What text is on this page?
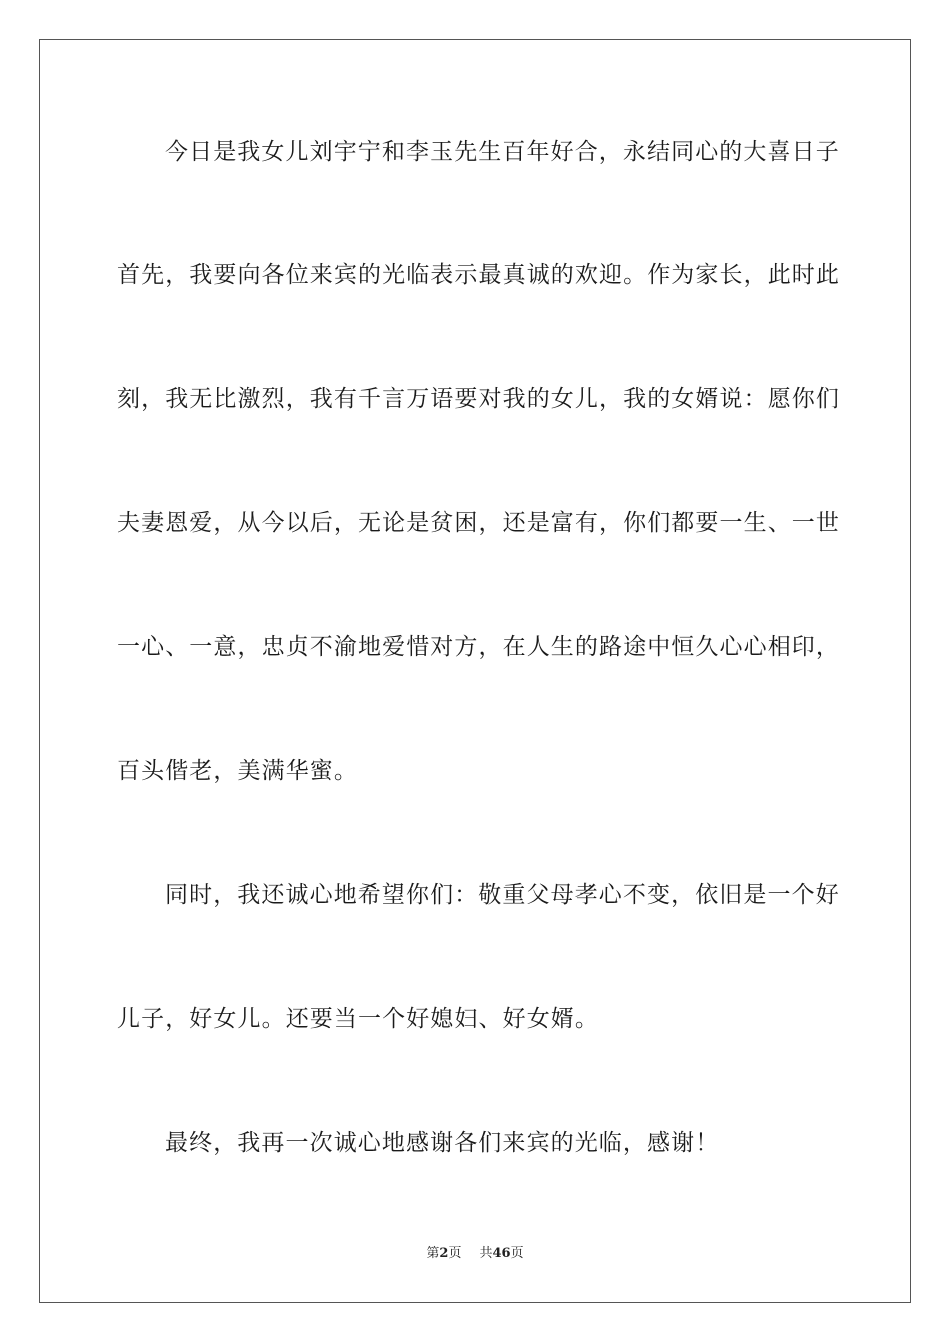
今日是我女儿刘宇宁和李玉先生百年好合，永结同心的大喜日子
首先，我要向各位来宾的光临表示最真诚的欢迎。作为家长，此时此
刻，我无比激烈，我有千言万语要对我的女儿，我的女婿说：愿你们
夫妻恩爱，从今以后，无论是贫困，还是富有，你们都要一生、一世
一心、一意，忠贞不渝地爱惜对方，在人生的路途中恒久心心相印，
百头偕老，美满华蜜。
同时，我还诚心地希望你们：敬重父母孝心不变，依旧是一个好
儿子，好女儿。还要当一个好媳妇、好女婿。
最终，我再一次诚心地感谢各们来宾的光临，感谢！
第2页 共46页
